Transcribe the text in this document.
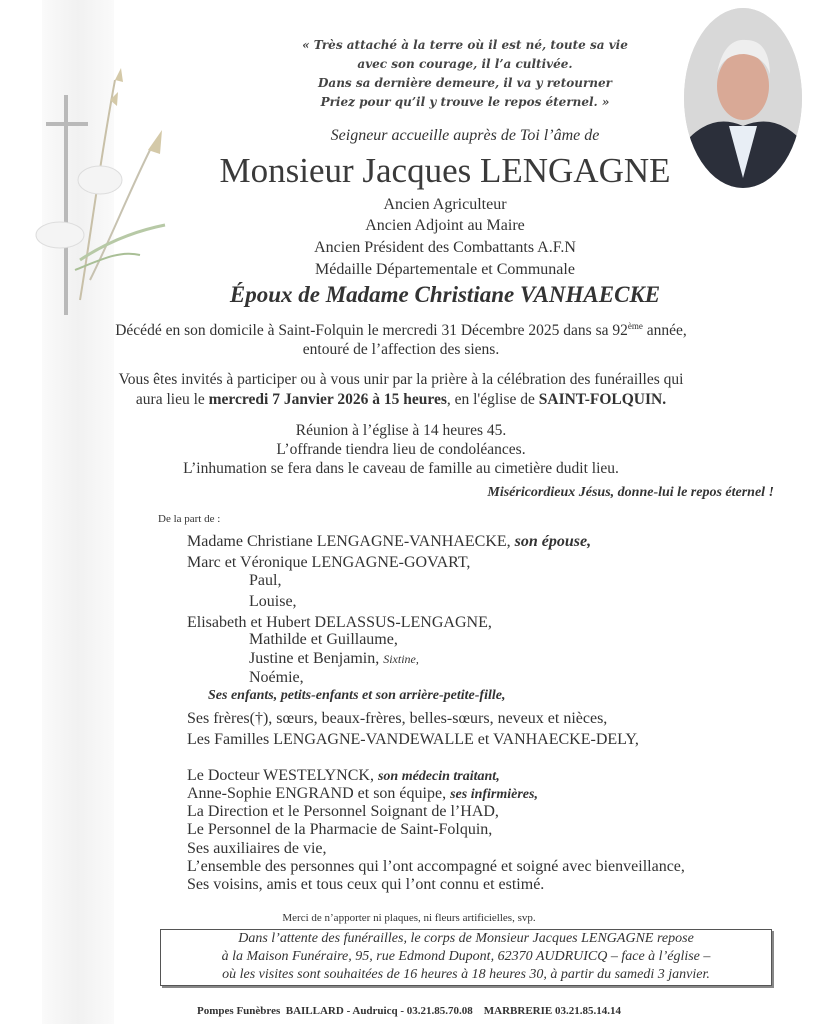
« Très attaché à la terre où il est né, toute sa vie
avec son courage, il l’a cultivée.
Dans sa dernière demeure, il va y retourner
Priez pour qu’il y trouve le repos éternel. »
Seigneur accueille auprès de Toi l’âme de
Monsieur Jacques LENGAGNE
Ancien Agriculteur
Ancien Adjoint au Maire
Ancien Président des Combattants A.F.N
Médaille Départementale et Communale
Époux de Madame Christiane VANHAECKE
Décédé en son domicile à Saint-Folquin le mercredi 31 Décembre 2025 dans sa 92ème année,
entouré de l’affection des siens.
Vous êtes invités à participer ou à vous unir par la prière à la célébration des funérailles qui
aura lieu le mercredi 7 Janvier 2026 à 15 heures, en l'église de SAINT-FOLQUIN.
Réunion à l’église à 14 heures 45.
L’offrande tiendra lieu de condoléances.
L’inhumation se fera dans le caveau de famille au cimetière dudit lieu.
Miséricordieux Jésus, donne-lui le repos éternel !
De la part de :
Madame Christiane LENGAGNE-VANHAECKE, son épouse,
Marc et Véronique LENGAGNE-GOVART,
Paul,
Louise,
Elisabeth et Hubert DELASSUS-LENGAGNE,
Mathilde et Guillaume,
Justine et Benjamin, Sixtine,
Noémie,
Ses enfants, petits-enfants et son arrière-petite-fille,
Ses frères(†), sœurs, beaux-frères, belles-sœurs, neveux et nièces,
Les Familles LENGAGNE-VANDEWALLE et VANHAECKE-DELY,
Le Docteur WESTELYNCK, son médecin traitant,
Anne-Sophie ENGRAND et son équipe, ses infirmières,
La Direction et le Personnel Soignant de l’HAD,
Le Personnel de la Pharmacie de Saint-Folquin,
Ses auxiliaires de vie,
L’ensemble des personnes qui l’ont accompagné et soigné avec bienveillance,
Ses voisins, amis et tous ceux qui l’ont connu et estimé.
Merci de n’apporter ni plaques, ni fleurs artificielles, svp.
Dans l’attente des funérailles, le corps de Monsieur Jacques LENGAGNE repose
à la Maison Funéraire, 95, rue Edmond Dupont, 62370 AUDRUICQ – face à l’église –
où les visites sont souhaitées de 16 heures à 18 heures 30, à partir du samedi 3 janvier.
Pompes Funèbres  BAILLARD - Audruicq - 03.21.85.70.08    MARBRERIE 03.21.85.14.14
